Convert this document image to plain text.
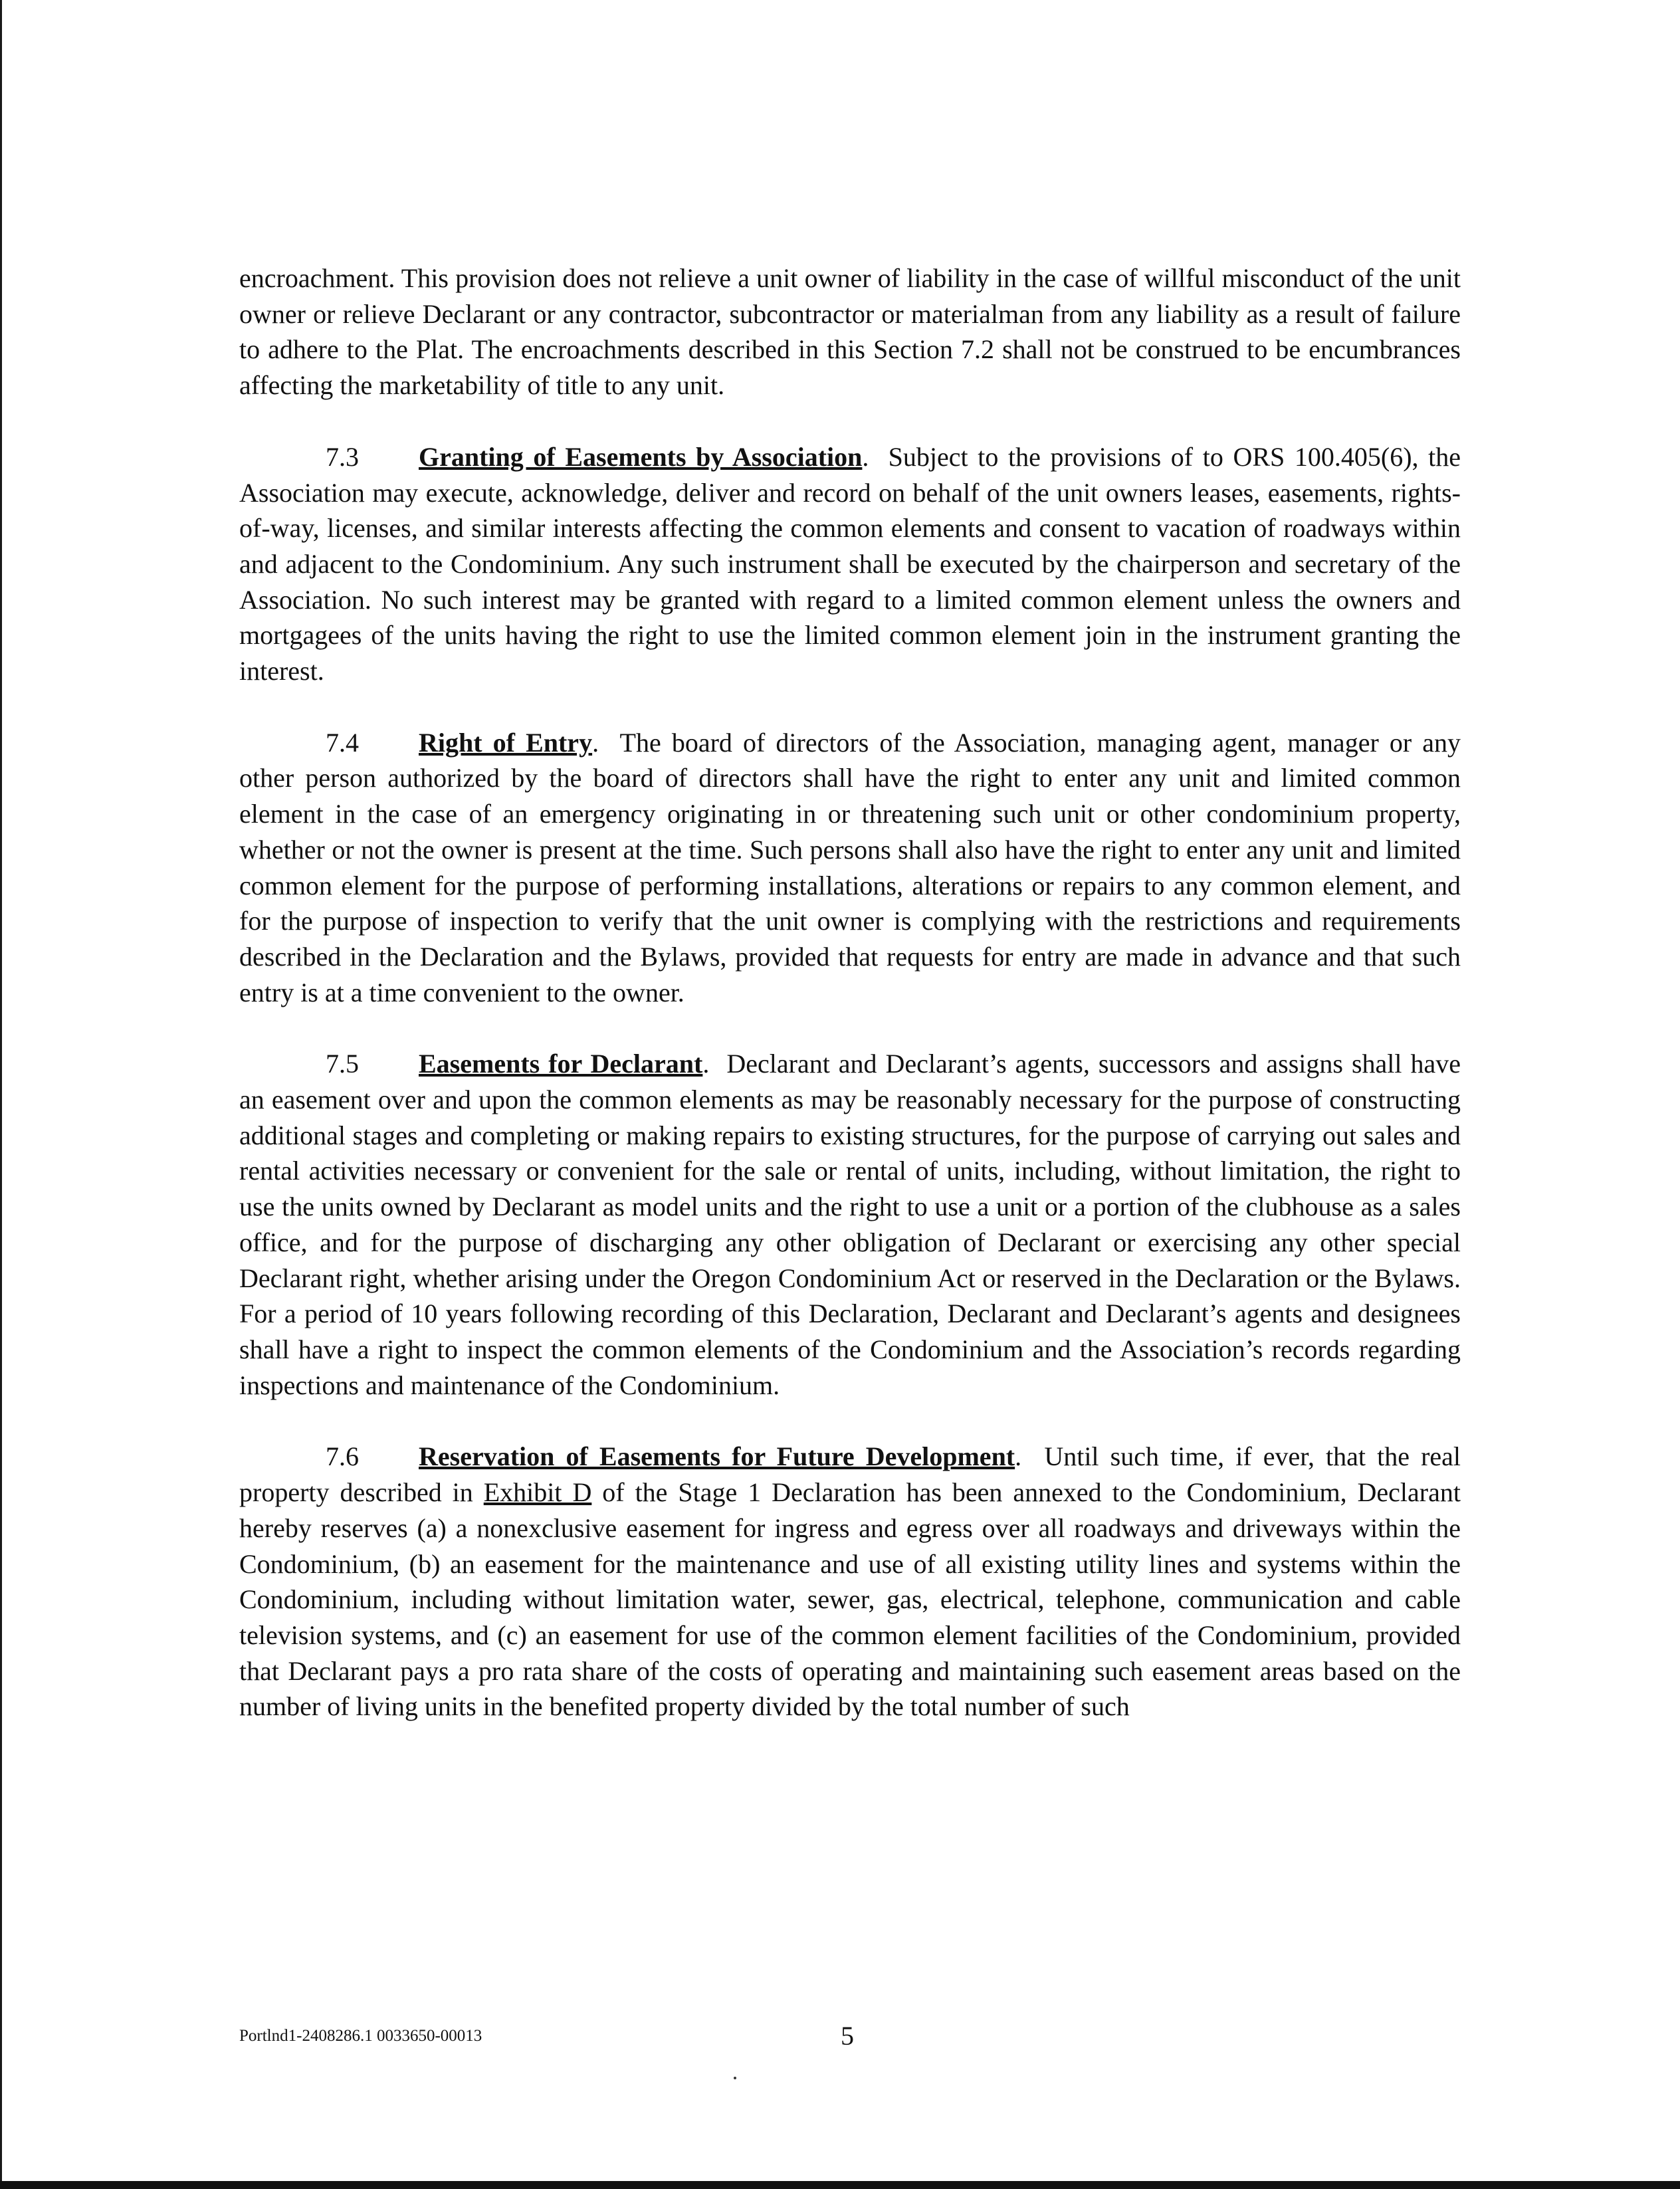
encroachment. This provision does not relieve a unit owner of liability in the case of willful misconduct of the unit owner or relieve Declarant or any contractor, subcontractor or materialman from any liability as a result of failure to adhere to the Plat. The encroachments described in this Section 7.2 shall not be construed to be encumbrances affecting the marketability of title to any unit.

7.3 Granting of Easements by Association.  Subject to the provisions of to ORS 100.405(6), the Association may execute, acknowledge, deliver and record on behalf of the unit owners leases, easements, rights-of-way, licenses, and similar interests affecting the common elements and consent to vacation of roadways within and adjacent to the Condominium. Any such instrument shall be executed by the chairperson and secretary of the Association. No such interest may be granted with regard to a limited common element unless the owners and mortgagees of the units having the right to use the limited common element join in the instrument granting the interest.

7.4 Right of Entry.  The board of directors of the Association, managing agent, manager or any other person authorized by the board of directors shall have the right to enter any unit and limited common element in the case of an emergency originating in or threatening such unit or other condominium property, whether or not the owner is present at the time. Such persons shall also have the right to enter any unit and limited common element for the purpose of performing installations, alterations or repairs to any common element, and for the purpose of inspection to verify that the unit owner is complying with the restrictions and requirements described in the Declaration and the Bylaws, provided that requests for entry are made in advance and that such entry is at a time convenient to the owner.

7.5 Easements for Declarant.  Declarant and Declarant’s agents, successors and assigns shall have an easement over and upon the common elements as may be reasonably necessary for the purpose of constructing additional stages and completing or making repairs to existing structures, for the purpose of carrying out sales and rental activities necessary or convenient for the sale or rental of units, including, without limitation, the right to use the units owned by Declarant as model units and the right to use a unit or a portion of the clubhouse as a sales office, and for the purpose of discharging any other obligation of Declarant or exercising any other special Declarant right, whether arising under the Oregon Condominium Act or reserved in the Declaration or the Bylaws. For a period of 10 years following recording of this Declaration, Declarant and Declarant’s agents and designees shall have a right to inspect the common elements of the Condominium and the Association’s records regarding inspections and maintenance of the Condominium.

7.6 Reservation of Easements for Future Development.  Until such time, if ever, that the real property described in Exhibit D of the Stage 1 Declaration has been annexed to the Condominium, Declarant hereby reserves (a) a nonexclusive easement for ingress and egress over all roadways and driveways within the Condominium, (b) an easement for the maintenance and use of all existing utility lines and systems within the Condominium, including without limitation water, sewer, gas, electrical, telephone, communication and cable television systems, and (c) an easement for use of the common element facilities of the Condominium, provided that Declarant pays a pro rata share of the costs of operating and maintaining such easement areas based on the number of living units in the benefited property divided by the total number of such

Portlnd1-2408286.1 0033650-00013	5
